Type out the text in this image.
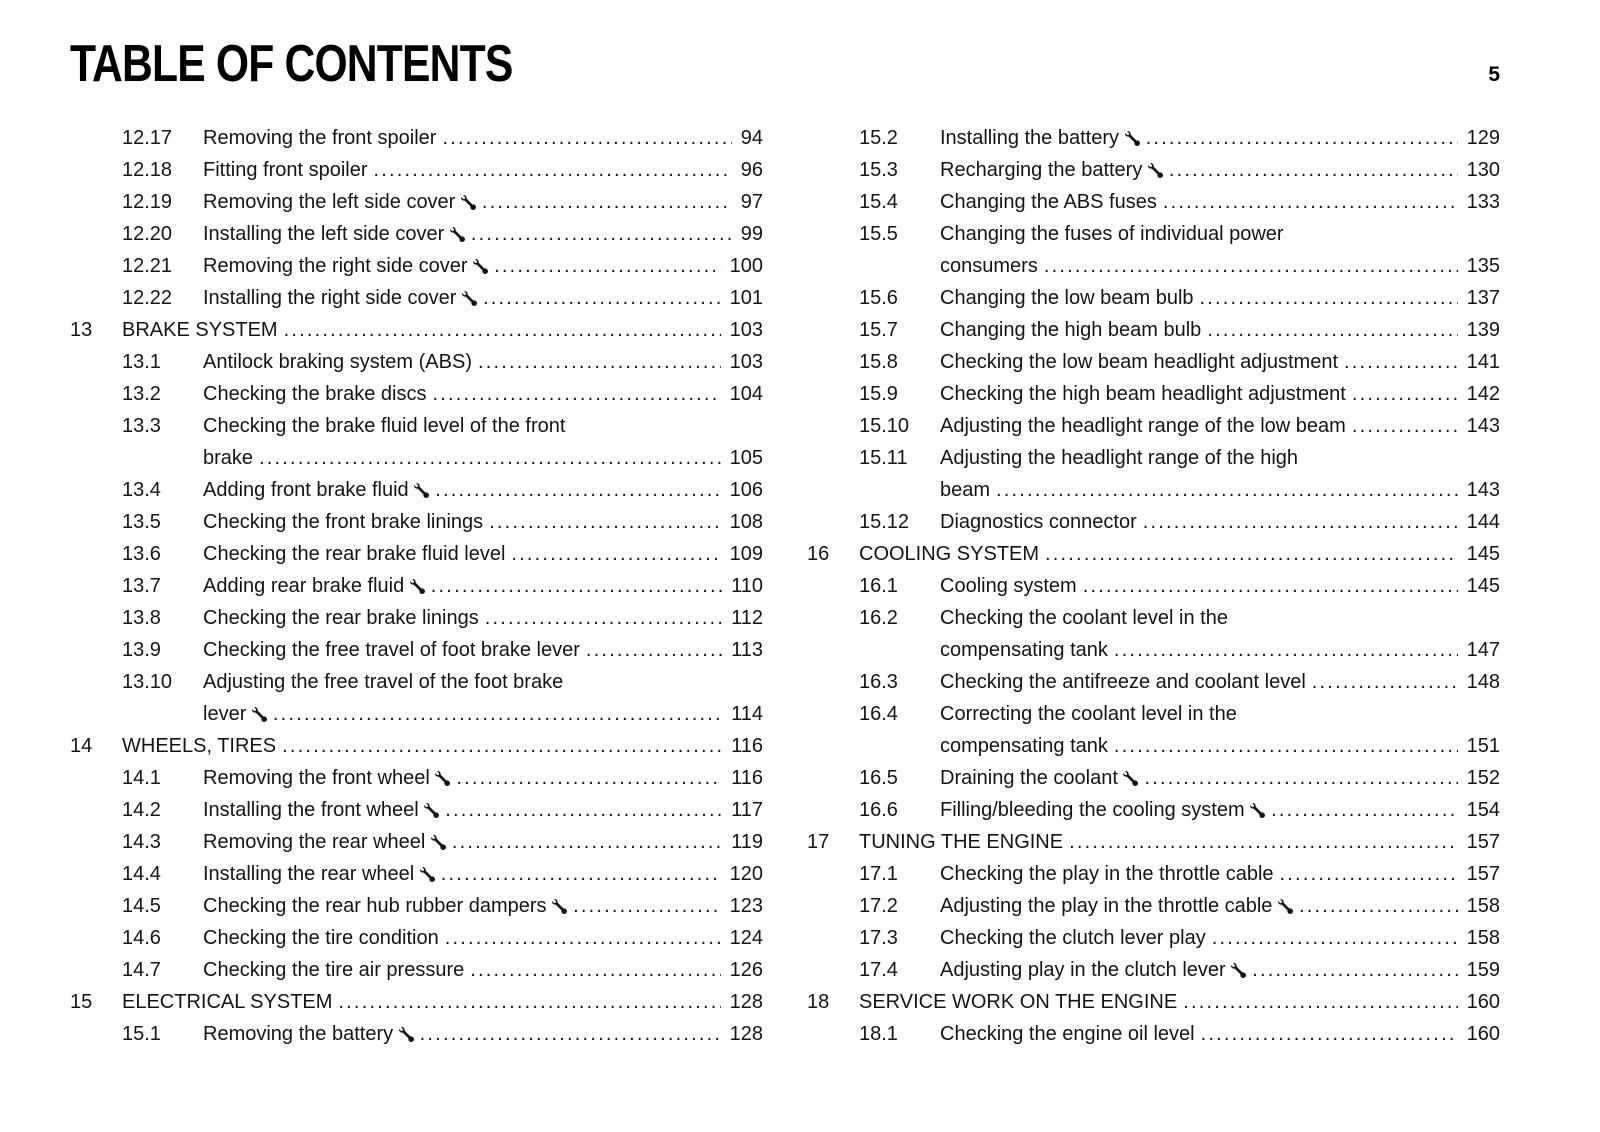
TABLE OF CONTENTS	5
12.17 Removing the front spoiler	94
12.18 Fitting front spoiler	96
12.19 Removing the left side cover	97
12.20 Installing the left side cover	99
12.21 Removing the right side cover	100
12.22 Installing the right side cover	101
13 BRAKE SYSTEM	103
13.1 Antilock braking system (ABS)	103
13.2 Checking the brake discs	104
13.3 Checking the brake fluid level of the front brake	105
13.4 Adding front brake fluid	106
13.5 Checking the front brake linings	108
13.6 Checking the rear brake fluid level	109
13.7 Adding rear brake fluid	110
13.8 Checking the rear brake linings	112
13.9 Checking the free travel of foot brake lever	113
13.10 Adjusting the free travel of the foot brake lever	114
14 WHEELS, TIRES	116
14.1 Removing the front wheel	116
14.2 Installing the front wheel	117
14.3 Removing the rear wheel	119
14.4 Installing the rear wheel	120
14.5 Checking the rear hub rubber dampers	123
14.6 Checking the tire condition	124
14.7 Checking the tire air pressure	126
15 ELECTRICAL SYSTEM	128
15.1 Removing the battery	128
15.2 Installing the battery	129
15.3 Recharging the battery	130
15.4 Changing the ABS fuses	133
15.5 Changing the fuses of individual power consumers	135
15.6 Changing the low beam bulb	137
15.7 Changing the high beam bulb	139
15.8 Checking the low beam headlight adjustment	141
15.9 Checking the high beam headlight adjustment	142
15.10 Adjusting the headlight range of the low beam	143
15.11 Adjusting the headlight range of the high beam	143
15.12 Diagnostics connector	144
16 COOLING SYSTEM	145
16.1 Cooling system	145
16.2 Checking the coolant level in the compensating tank	147
16.3 Checking the antifreeze and coolant level	148
16.4 Correcting the coolant level in the compensating tank	151
16.5 Draining the coolant	152
16.6 Filling/bleeding the cooling system	154
17 TUNING THE ENGINE	157
17.1 Checking the play in the throttle cable	157
17.2 Adjusting the play in the throttle cable	158
17.3 Checking the clutch lever play	158
17.4 Adjusting play in the clutch lever	159
18 SERVICE WORK ON THE ENGINE	160
18.1 Checking the engine oil level	160
